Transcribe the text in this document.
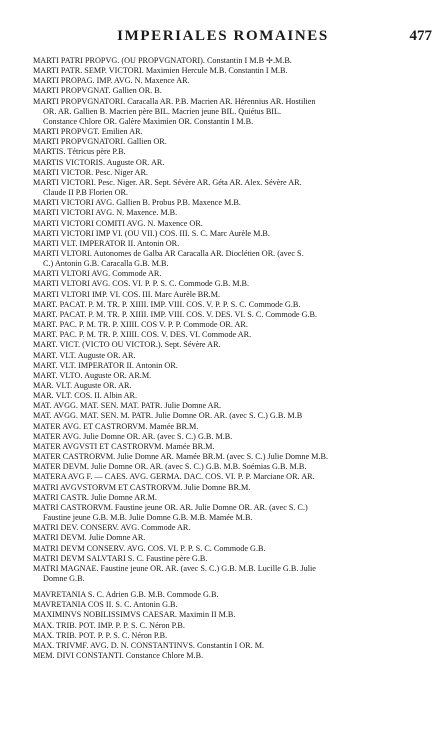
IMPERIALES ROMAINES	477
MARTI PATRI PROPVG. (OU PROPVGNATORI). Constantin I M.B ✢.M.B.
MARTI PATR. SEMP. VICTORI. Maximien Hercule M.B. Constantin I M.B.
MARTI PROPAG. IMP. AVG. N. Maxence AR.
MARTI PROPVGNAT. Gallien OR. B.
MARTI PROPVGNATORI. Caracalla AR. P.B. Macrien AR. Hérennius AR. Hostilien
OR. AR. Gallien B. Macrien père BIL. Macrien jeune BIL. Quiétus BIL.
Constance Chlore OR. Galère Maximien OR. Constantin I M.B.
MARTI PROPVGT. Emilien AR.
MARTI PROPVGNATORI. Gallien OR.
MARTIS. Tétricus père P.B.
MARTIS VICTORIS. Auguste OR. AR.
MARTI VICTOR. Pesc. Niger AR.
MARTI VICTORI. Pesc. Niger. AR. Sept. Sévère AR. Géta AR. Alex. Sévère AR.
Claude II P.B Florien OR.
MARTI VICTORI AVG. Gallien B. Probus P.B. Maxence M.B.
MARTI VICTORI AVG. N. Maxence. M.B.
MARTI VICTORI COMITI AVG. N. Maxence OR.
MARTI VICTORI IMP VI. (OU VII.) COS. III. S. C. Marc Aurèle M.B.
MARTI VLT. IMPERATOR II. Antonin OR.
MARTI VLTORI. Autonomes de Galba AR Caracalla AR. Dioclétien OR. (avec S.
C.) Antonin G.B. Caracalla G.B. M.B.
MARTI VLTORI AVG. Commode AR.
MARTI VLTORI AVG. COS. VI. P. P. S. C. Commode G.B. M.B.
MARTI VLTORI IMP. VI. COS. III. Marc Aurèle BR.M.
MART. PACAT. P. M. TR. P. XIIII. IMP. VIII. COS. V. P. P. S. C. Commode G.B.
MART. PACAT. P. M. TR. P. XIIII. IMP. VIII. COS. V. DES. VI. S. C. Commode G.B.
MART. PAC. P. M. TR. P. XIIII. COS V. P. P. Commode OR. AR.
MART. PAC. P. M. TR. P. XIIII. COS. V. DES. VI. Commode AR.
MART. VICT. (VICTO OU VICTOR.). Sept. Sévère AR.
MART. VLT. Auguste OR. AR.
MART. VLT. IMPERATOR II. Antonin OR.
MART. VLTO. Auguste OR. AR.M.
MAR. VLT. Auguste OR. AR.
MAR. VLT. COS. II. Albin AR.
MAT. AVGG. MAT. SEN. MAT. PATR. Julie Domne AR.
MAT. AVGG. MAT. SEN. M. PATR. Julie Domne OR. AR. (avec S. C.) G.B. M.B
MATER AVG. ET CASTRORVM. Mamée BR.M.
MATER AVG. Julie Domne OR. AR. (avec S. C.) G.B. M.B.
MATER AVGVSTI ET CASTRORVM. Mamée BR.M.
MATER CASTRORVM. Julie Domne AR. Mamée BR.M. (avec S. C.) Julie Domne M.B.
MATER DEVM. Julie Domne OR. AR. (avec S. C.) G.B. M.B. Soémias G.B. M.B.
MATERA AVG F. — CAES. AVG. GERMA. DAC. COS. VI. P. P. Marciane OR. AR.
MATRI AVGVSTORVM ET CASTRORVM. Julie Domne BR.M.
MATRI CASTR. Julie Domne AR.M.
MATRI CASTRORVM. Faustine jeune OR. AR. Julie Domne OR. AR. (avec S. C.)
Faustine jeune G.B. M.B. Julie Domne G.B. M.B. Mamée M.B.
MATRI DEV. CONSERV. AVG. Commode AR.
MATRI DEVM. Julie Domne AR.
MATRI DEVM CONSERV. AVG. COS. VI. P. P. S. C. Commode G.B.
MATRI DEVM SALVTARI S. C. Faustine père G.B.
MATRI MAGNAE. Faustine jeune OR. AR. (avec S. C.) G.B. M.B. Lucille G.B. Julie
Domne G.B.
MAVRETANIA S. C. Adrien G.B. M.B. Commode G.B.
MAVRETANIA COS II. S. C. Antonin G.B.
MAXIMINVS NOBILISSIMVS CAESAR. Maximin II M.B.
MAX. TRIB. POT. IMP. P. P. S. C. Néron P.B.
MAX. TRIB. POT. P. P. S. C. Néron P.B.
MAX. TRIVMF. AVG. D. N. CONSTANTINVS. Constantin I OR. M.
MEM. DIVI CONSTANTI. Constance Chlore M.B.
